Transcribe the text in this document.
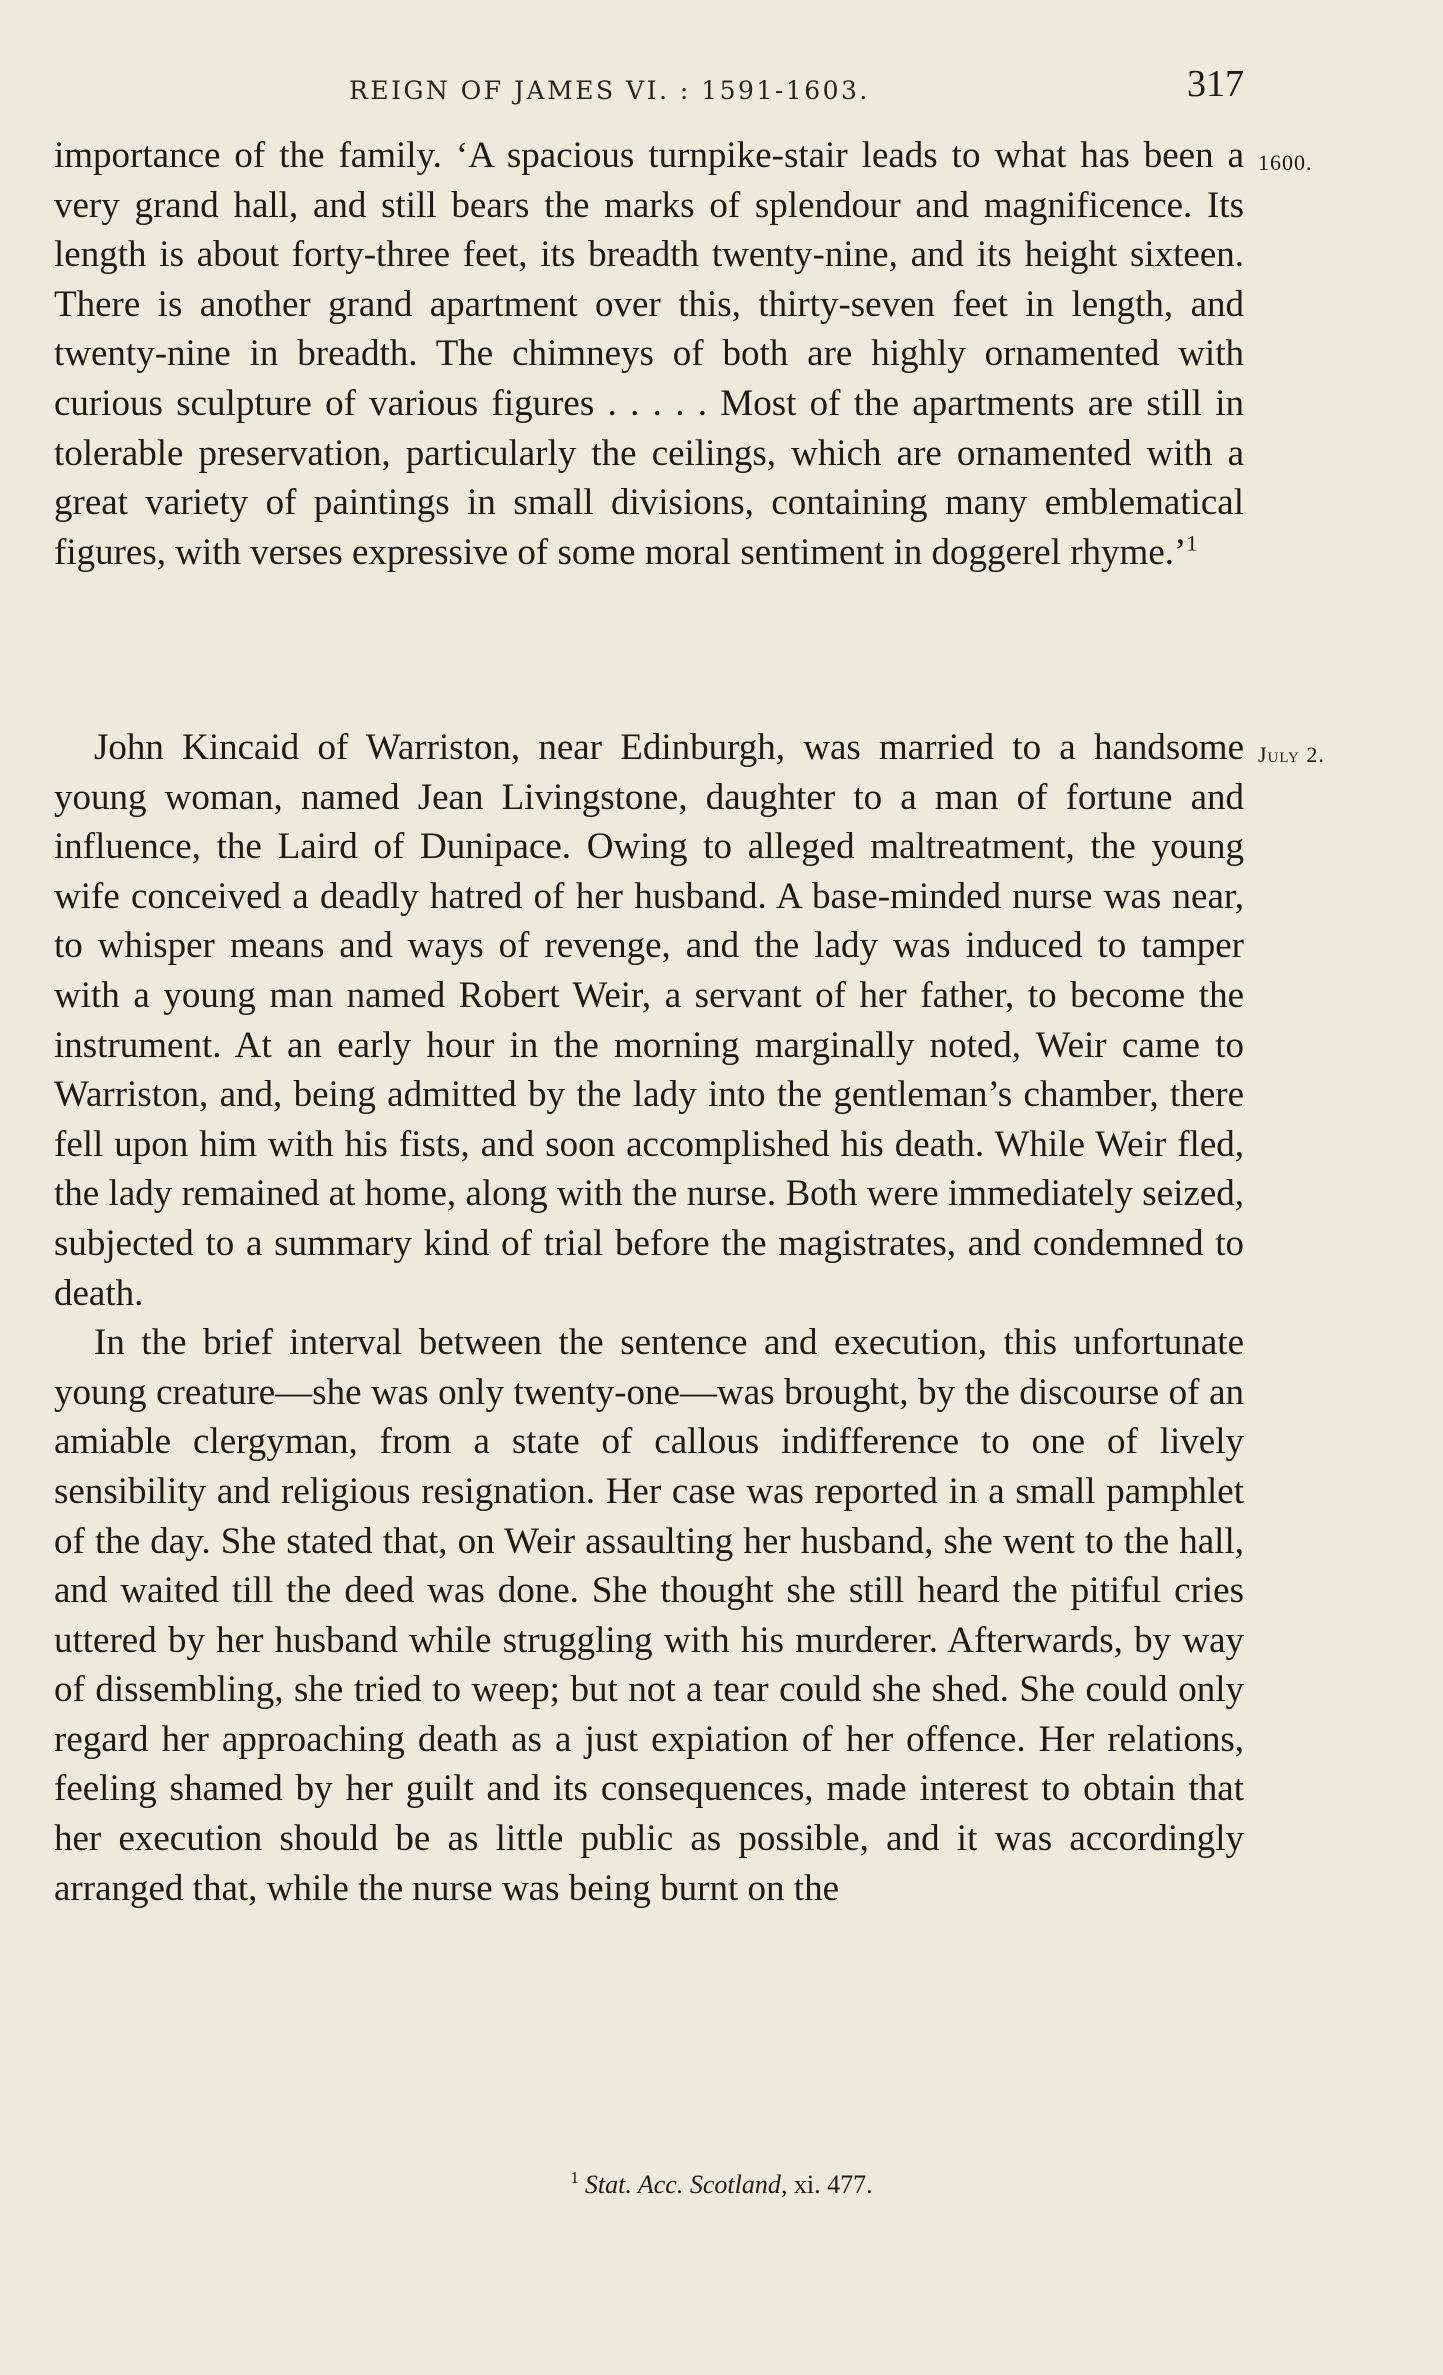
REIGN OF JAMES VI. : 1591-1603.	317
1600.
July 2.

importance of the family. ‘A spacious turnpike-stair leads to what has been a very grand hall, and still bears the marks of splendour and magnificence. Its length is about forty-three feet, its breadth twenty-nine, and its height sixteen. There is another grand apartment over this, thirty-seven feet in length, and twenty-nine in breadth. The chimneys of both are highly ornamented with curious sculpture of various figures . . . . . Most of the apartments are still in tolerable preservation, particularly the ceilings, which are ornamented with a great variety of paintings in small divisions, containing many emblematical figures, with verses expressive of some moral sentiment in doggerel rhyme.’$^1$

John Kincaid of Warriston, near Edinburgh, was married to a handsome young woman, named Jean Livingstone, daughter to a man of fortune and influence, the Laird of Dunipace. Owing to alleged maltreatment, the young wife conceived a deadly hatred of her husband. A base-minded nurse was near, to whisper means and ways of revenge, and the lady was induced to tamper with a young man named Robert Weir, a servant of her father, to become the instrument. At an early hour in the morning marginally noted, Weir came to Warriston, and, being admitted by the lady into the gentleman’s chamber, there fell upon him with his fists, and soon accomplished his death. While Weir fled, the lady remained at home, along with the nurse. Both were immediately seized, subjected to a summary kind of trial before the magistrates, and condemned to death.

In the brief interval between the sentence and execution, this unfortunate young creature—she was only twenty-one—was brought, by the discourse of an amiable clergyman, from a state of callous indifference to one of lively sensibility and religious resignation. Her case was reported in a small pamphlet of the day. She stated that, on Weir assaulting her husband, she went to the hall, and waited till the deed was done. She thought she still heard the pitiful cries uttered by her husband while struggling with his murderer. Afterwards, by way of dissembling, she tried to weep; but not a tear could she shed. She could only regard her approaching death as a just expiation of her offence. Her relations, feeling shamed by her guilt and its consequences, made interest to obtain that her execution should be as little public as possible, and it was accordingly arranged that, while the nurse was being burnt on the

$^1$ Stat. Acc. Scotland, xi. 477.
